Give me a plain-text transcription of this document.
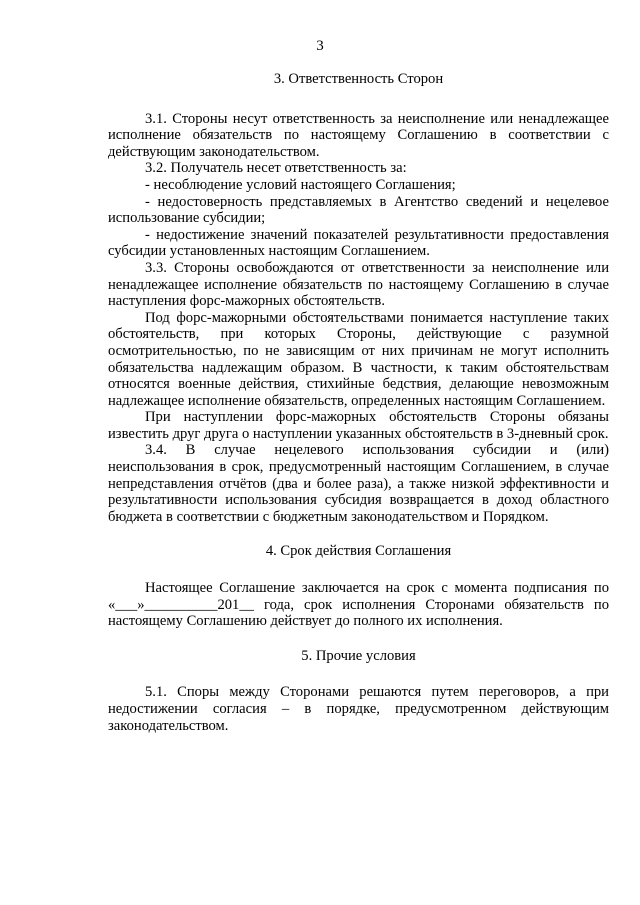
3
3. Ответственность Сторон

3.1. Стороны несут ответственность за неисполнение или ненадлежащее исполнение обязательств по настоящему Соглашению в соответствии с действующим законодательством.

3.2. Получатель несет ответственность за:

- несоблюдение условий настоящего Соглашения;

- недостоверность представляемых в Агентство сведений и нецелевое использование субсидии;

- недостижение значений показателей результативности предоставления субсидии установленных настоящим Соглашением.

3.3. Стороны освобождаются от ответственности за неисполнение или ненадлежащее исполнение обязательств по настоящему Соглашению в случае наступления форс-мажорных обстоятельств.

Под форс-мажорными обстоятельствами понимается наступление таких обстоятельств, при которых Стороны, действующие с разумной осмотрительностью, по не зависящим от них причинам не могут исполнить обязательства надлежащим образом. В частности, к таким обстоятельствам относятся военные действия, стихийные бедствия, делающие невозможным надлежащее исполнение обязательств, определенных настоящим Соглашением.

При наступлении форс-мажорных обстоятельств Стороны обязаны известить друг друга о наступлении указанных обстоятельств в 3-дневный срок.

3.4. В случае нецелевого использования субсидии и (или) неиспользования в срок, предусмотренный настоящим Соглашением, в случае непредставления отчётов (два и более раза), а также низкой эффективности и результативности использования субсидия возвращается в доход областного бюджета в соответствии с бюджетным законодательством и Порядком.

4. Срок действия Соглашения

Настоящее Соглашение заключается на срок с момента подписания по «___»__________201__ года, срок исполнения Сторонами обязательств по настоящему Соглашению действует до полного их исполнения.

5. Прочие условия

5.1. Споры между Сторонами решаются путем переговоров, а при недостижении согласия – в порядке, предусмотренном действующим законодательством.
